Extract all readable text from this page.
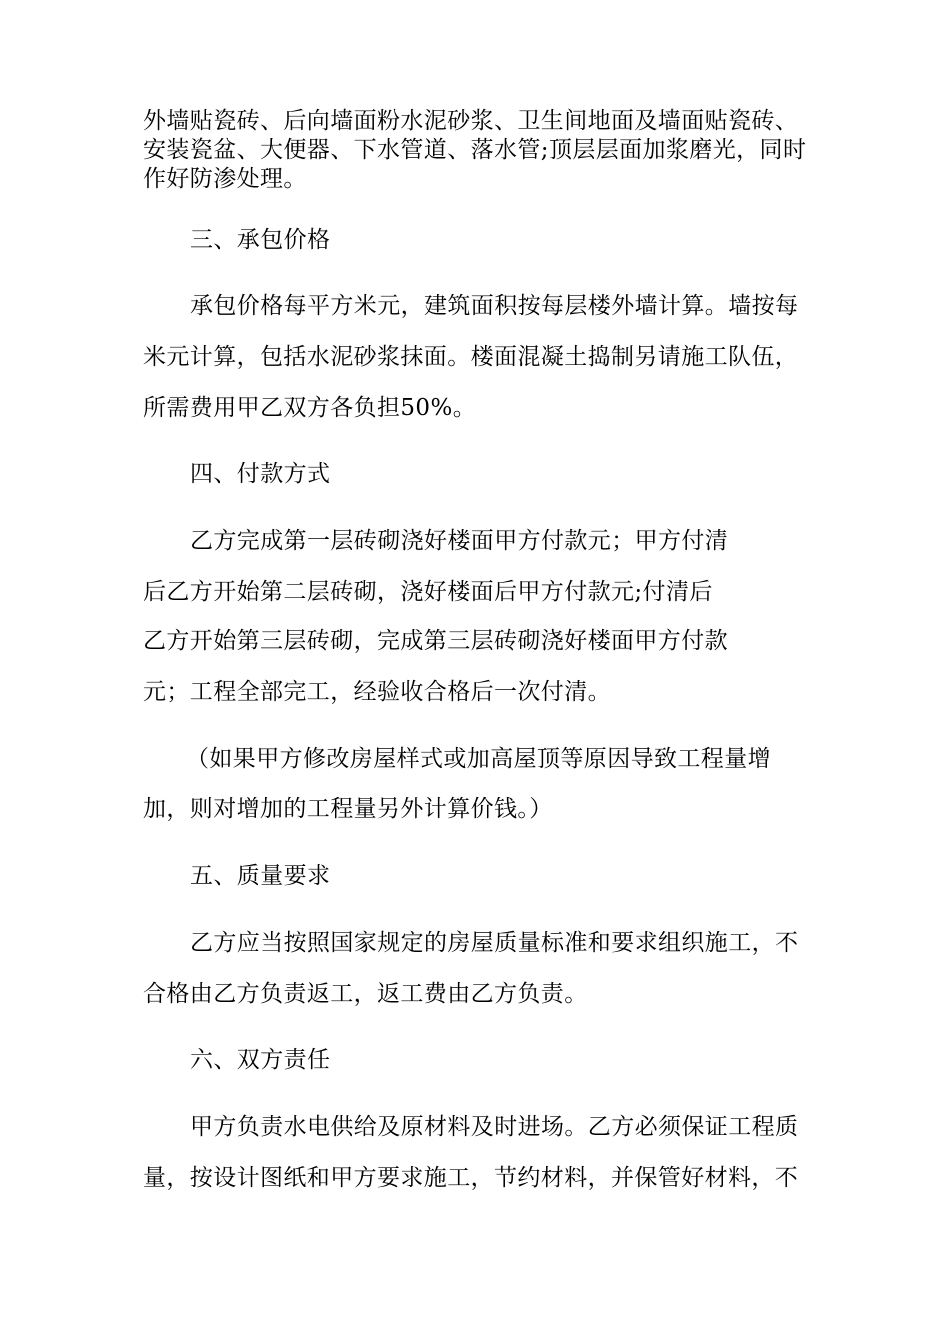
外墙贴瓷砖、后向墙面粉水泥砂浆、卫生间地面及墙面贴瓷砖、
安装瓷盆、大便器、下水管道、落水管;顶层层面加浆磨光，同时
作好防渗处理。
三、承包价格
承包价格每平方米元，建筑面积按每层楼外墙计算。墙按每
米元计算，包括水泥砂浆抹面。楼面混凝土捣制另请施工队伍，
所需费用甲乙双方各负担50%。
四、付款方式
乙方完成第一层砖砌浇好楼面甲方付款元；甲方付清
后乙方开始第二层砖砌，浇好楼面后甲方付款元;付清后
乙方开始第三层砖砌，完成第三层砖砌浇好楼面甲方付款
元；工程全部完工，经验收合格后一次付清。
（如果甲方修改房屋样式或加高屋顶等原因导致工程量增
加，则对增加的工程量另外计算价钱。）
五、质量要求
乙方应当按照国家规定的房屋质量标准和要求组织施工，不
合格由乙方负责返工，返工费由乙方负责。
六、双方责任
甲方负责水电供给及原材料及时进场。乙方必须保证工程质
量，按设计图纸和甲方要求施工，节约材料，并保管好材料，不
